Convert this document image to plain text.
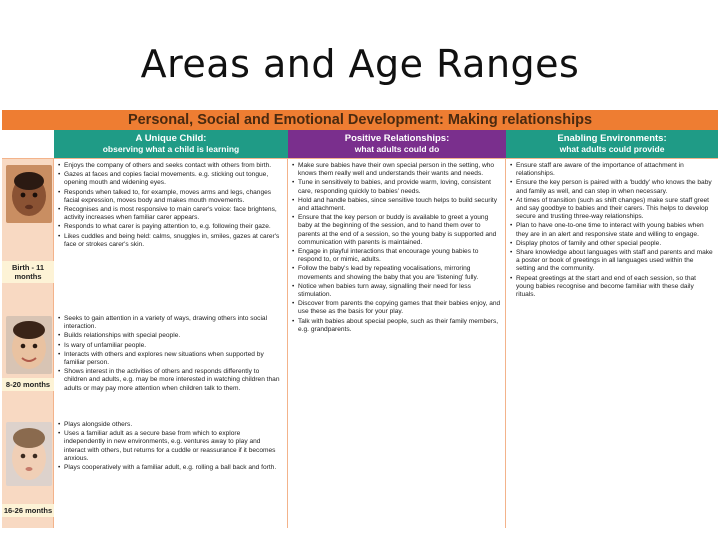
Areas and Age Ranges
Personal, Social and Emotional Development: Making relationships
A Unique Child:
observing what a child is learning
Positive Relationships:
what adults could do
Enabling Environments:
what adults could provide
Birth - 11 months
• Enjoys the company of others and seeks contact with others from birth.
• Gazes at faces and copies facial movements. e.g. sticking out tongue, opening mouth and widening eyes.
• Responds when talked to, for example, moves arms and legs, changes facial expression, moves body and makes mouth movements.
• Recognises and is most responsive to main carer's voice: face brightens, activity increases when familiar carer appears.
• Responds to what carer is paying attention to, e.g. following their gaze.
• Likes cuddles and being held: calms, snuggles in, smiles, gazes at carer's face or strokes carer's skin.
• Make sure babies have their own special person in the setting, who knows them really well and understands their wants and needs.
• Tune in sensitively to babies, and provide warm, loving, consistent care, responding quickly to babies' needs.
• Hold and handle babies, since sensitive touch helps to build security and attachment.
• Ensure that the key person or buddy is available to greet a young baby at the beginning of the session, and to hand them over to parents at the end of a session, so the young baby is supported and communication with parents is maintained.
• Engage in playful interactions that encourage young babies to respond to, or mimic, adults.
• Follow the baby's lead by repeating vocalisations, mirroring movements and showing the baby that you are 'listening' fully.
• Notice when babies turn away, signalling their need for less stimulation.
• Discover from parents the copying games that their babies enjoy, and use these as the basis for your play.
• Talk with babies about special people, such as their family members, e.g. grandparents.
• Ensure staff are aware of the importance of attachment in relationships.
• Ensure the key person is paired with a 'buddy' who knows the baby and family as well, and can step in when necessary.
• At times of transition (such as shift changes) make sure staff greet and say goodbye to babies and their carers. This helps to develop secure and trusting three-way relationships.
• Plan to have one-to-one time to interact with young babies when they are in an alert and responsive state and willing to engage.
• Display photos of family and other special people.
• Share knowledge about languages with staff and parents and make a poster or book of greetings in all languages used within the setting and the community.
• Repeat greetings at the start and end of each session, so that young babies recognise and become familiar with these daily rituals.
8-20 months
• Seeks to gain attention in a variety of ways, drawing others into social interaction.
• Builds relationships with special people.
• Is wary of unfamiliar people.
• Interacts with others and explores new situations when supported by familiar person.
• Shows interest in the activities of others and responds differently to children and adults, e.g. may be more interested in watching children than adults or may pay more attention when children talk to them.
16-26 months
• Plays alongside others.
• Uses a familiar adult as a secure base from which to explore independently in new environments, e.g. ventures away to play and interact with others, but returns for a cuddle or reassurance if it becomes anxious.
• Plays cooperatively with a familiar adult, e.g. rolling a ball back and forth.
•
•
•
•
•
•
•
•
